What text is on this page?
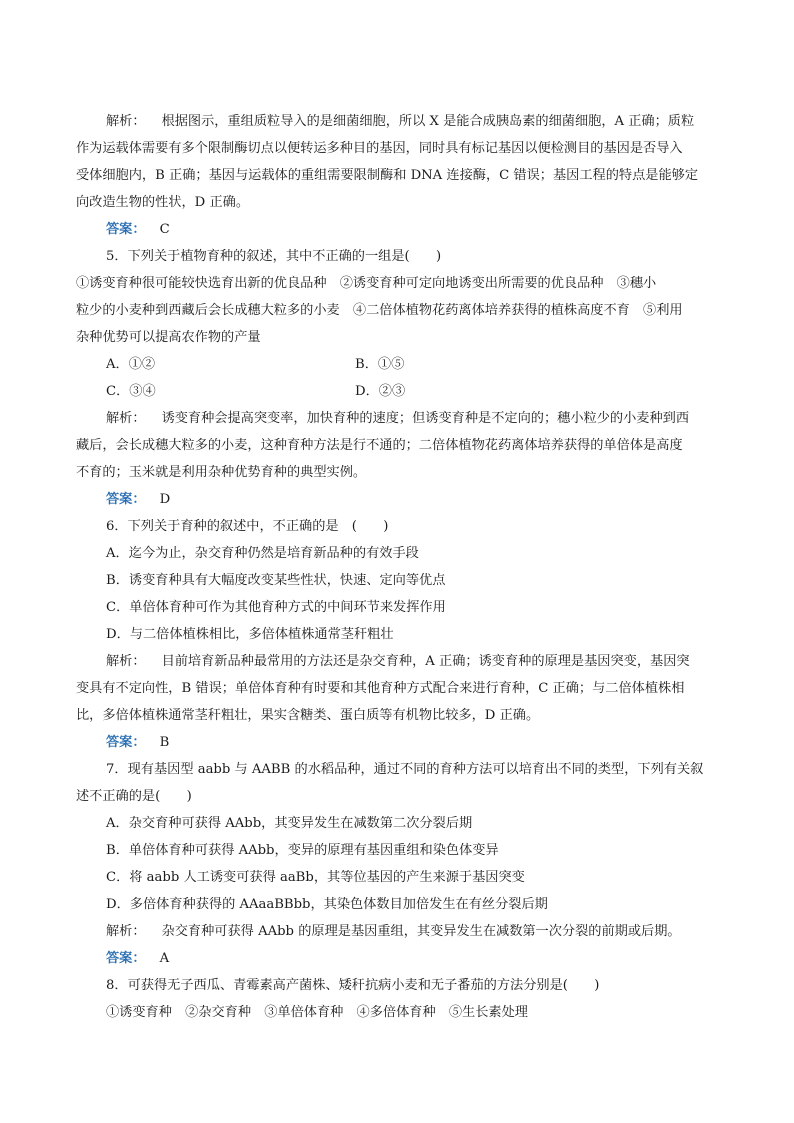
解析： 根据图示，重组质粒导入的是细菌细胞，所以 X 是能合成胰岛素的细菌细胞，A 正确；质粒
作为运载体需要有多个限制酶切点以便转运多种目的基因，同时具有标记基因以便检测目的基因是否导入
受体细胞内，B 正确；基因与运载体的重组需要限制酶和 DNA 连接酶，C 错误；基因工程的特点是能够定
向改造生物的性状，D 正确。
答案： C
5．下列关于植物育种的叙述，其中不正确的一组是(　　)
①诱变育种很可能较快选育出新的优良品种　②诱变育种可定向地诱变出所需要的优良品种　③穗小
粒少的小麦种到西藏后会长成穗大粒多的小麦　④二倍体植物花药离体培养获得的植株高度不育　⑤利用
杂种优势可以提高农作物的产量
A．①②	B．①⑤
C．③④	D．②③
解析： 诱变育种会提高突变率，加快育种的速度；但诱变育种是不定向的；穗小粒少的小麦种到西
藏后，会长成穗大粒多的小麦，这种育种方法是行不通的；二倍体植物花药离体培养获得的单倍体是高度
不育的；玉米就是利用杂种优势育种的典型实例。
答案： D
6．下列关于育种的叙述中，不正确的是　(　　)
A．迄今为止，杂交育种仍然是培育新品种的有效手段
B．诱变育种具有大幅度改变某些性状，快速、定向等优点
C．单倍体育种可作为其他育种方式的中间环节来发挥作用
D．与二倍体植株相比，多倍体植株通常茎秆粗壮
解析： 目前培育新品种最常用的方法还是杂交育种，A 正确；诱变育种的原理是基因突变，基因突
变具有不定向性，B 错误；单倍体育种有时要和其他育种方式配合来进行育种，C 正确；与二倍体植株相
比，多倍体植株通常茎秆粗壮，果实含糖类、蛋白质等有机物比较多，D 正确。
答案： B
7．现有基因型 aabb 与 AABB 的水稻品种，通过不同的育种方法可以培育出不同的类型，下列有关叙
述不正确的是(　　)
A．杂交育种可获得 AAbb，其变异发生在减数第二次分裂后期
B．单倍体育种可获得 AAbb，变异的原理有基因重组和染色体变异
C．将 aabb 人工诱变可获得 aaBb，其等位基因的产生来源于基因突变
D．多倍体育种获得的 AAaaBBbb，其染色体数目加倍发生在有丝分裂后期
解析： 杂交育种可获得 AAbb 的原理是基因重组，其变异发生在减数第一次分裂的前期或后期。
答案： A
8．可获得无子西瓜、青霉素高产菌株、矮秆抗病小麦和无子番茄的方法分别是(　　)
①诱变育种　②杂交育种　③单倍体育种　④多倍体育种　⑤生长素处理
